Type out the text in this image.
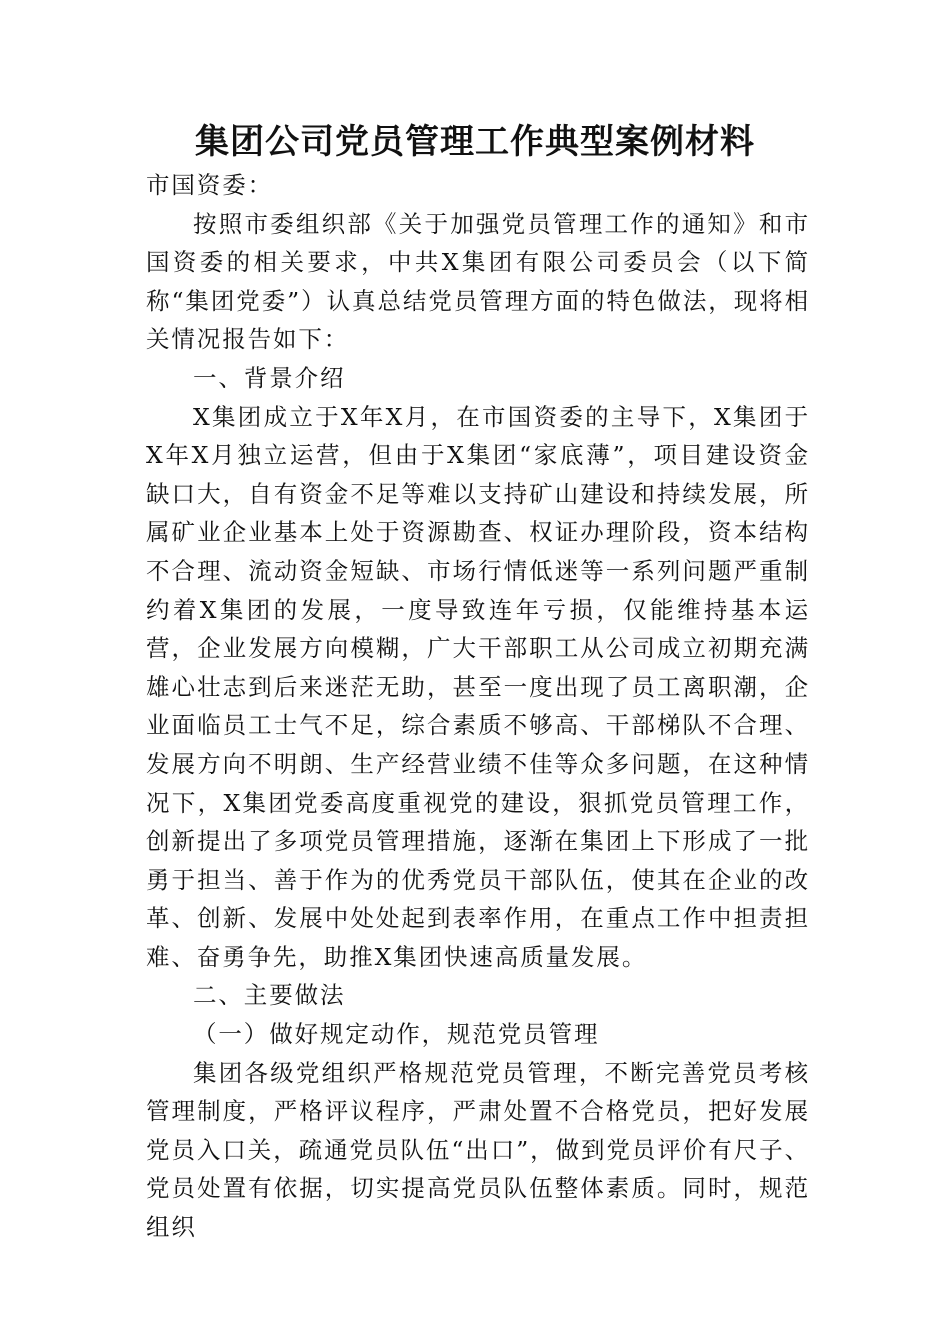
集团公司党员管理工作典型案例材料

市国资委：

按照市委组织部《关于加强党员管理工作的通知》和市国资委的相关要求，中共X集团有限公司委员会（以下简称“集团党委”）认真总结党员管理方面的特色做法，现将相关情况报告如下：

一、背景介绍

X集团成立于X年X月，在市国资委的主导下，X集团于X年X月独立运营，但由于X集团“家底薄”，项目建设资金缺口大，自有资金不足等难以支持矿山建设和持续发展，所属矿业企业基本上处于资源勘查、权证办理阶段，资本结构不合理、流动资金短缺、市场行情低迷等一系列问题严重制约着X集团的发展，一度导致连年亏损，仅能维持基本运营，企业发展方向模糊，广大干部职工从公司成立初期充满雄心壮志到后来迷茫无助，甚至一度出现了员工离职潮，企业面临员工士气不足，综合素质不够高、干部梯队不合理、发展方向不明朗、生产经营业绩不佳等众多问题，在这种情况下，X集团党委高度重视党的建设，狠抓党员管理工作，创新提出了多项党员管理措施，逐渐在集团上下形成了一批勇于担当、善于作为的优秀党员干部队伍，使其在企业的改革、创新、发展中处处起到表率作用，在重点工作中担责担难、奋勇争先，助推X集团快速高质量发展。

二、主要做法

（一）做好规定动作，规范党员管理

集团各级党组织严格规范党员管理，不断完善党员考核管理制度，严格评议程序，严肃处置不合格党员，把好发展党员入口关，疏通党员队伍“出口”，做到党员评价有尺子、党员处置有依据，切实提高党员队伍整体素质。同时，规范组织
